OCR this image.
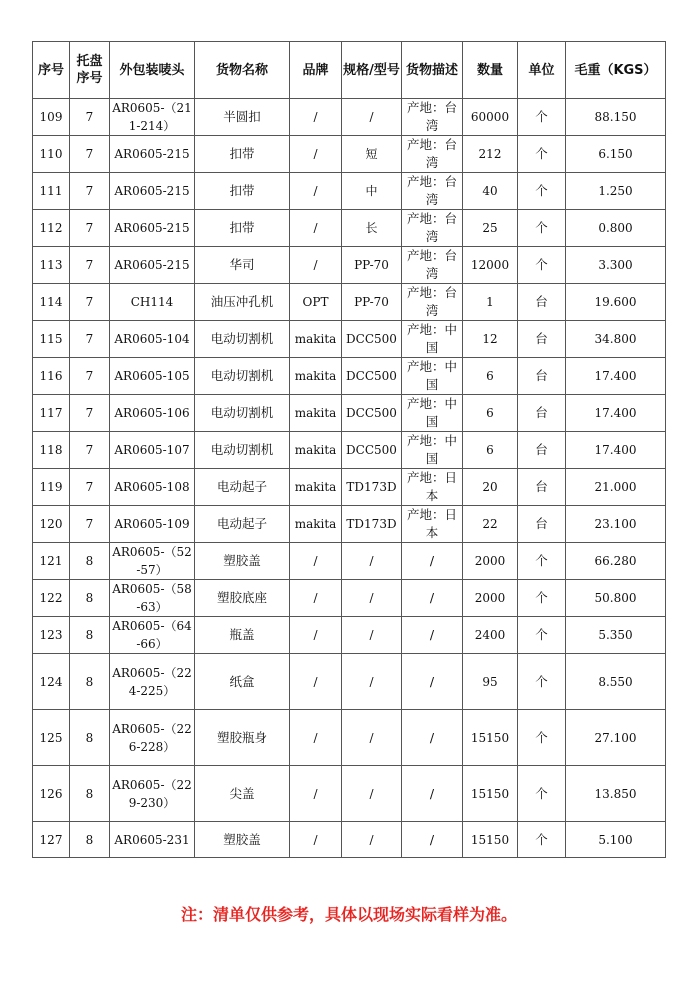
序号	托盘序号	外包装唛头	货物名称	品牌	规格/型号	货物描述	数量	单位	毛重（KGS）
109	7	AR0605-（211-214）	半圆扣	/	/	产地：台湾	60000	个	88.150
110	7	AR0605-215	扣带	/	短	产地：台湾	212	个	6.150
111	7	AR0605-215	扣带	/	中	产地：台湾	40	个	1.250
112	7	AR0605-215	扣带	/	长	产地：台湾	25	个	0.800
113	7	AR0605-215	华司	/	PP-70	产地：台湾	12000	个	3.300
114	7	CH114	油压冲孔机	OPT	PP-70	产地：台湾	1	台	19.600
115	7	AR0605-104	电动切割机	makita	DCC500	产地：中国	12	台	34.800
116	7	AR0605-105	电动切割机	makita	DCC500	产地：中国	6	台	17.400
117	7	AR0605-106	电动切割机	makita	DCC500	产地：中国	6	台	17.400
118	7	AR0605-107	电动切割机	makita	DCC500	产地：中国	6	台	17.400
119	7	AR0605-108	电动起子	makita	TD173D	产地：日本	20	台	21.000
120	7	AR0605-109	电动起子	makita	TD173D	产地：日本	22	台	23.100
121	8	AR0605-（52-57）	塑胶盖	/	/	/	2000	个	66.280
122	8	AR0605-（58-63）	塑胶底座	/	/	/	2000	个	50.800
123	8	AR0605-（64-66）	瓶盖	/	/	/	2400	个	5.350
124	8	AR0605-（224-225）	纸盒	/	/	/	95	个	8.550
125	8	AR0605-（226-228）	塑胶瓶身	/	/	/	15150	个	27.100
126	8	AR0605-（229-230）	尖盖	/	/	/	15150	个	13.850
127	8	AR0605-231	塑胶盖	/	/	/	15150	个	5.100
注：清单仅供参考，具体以现场实际看样为准。
